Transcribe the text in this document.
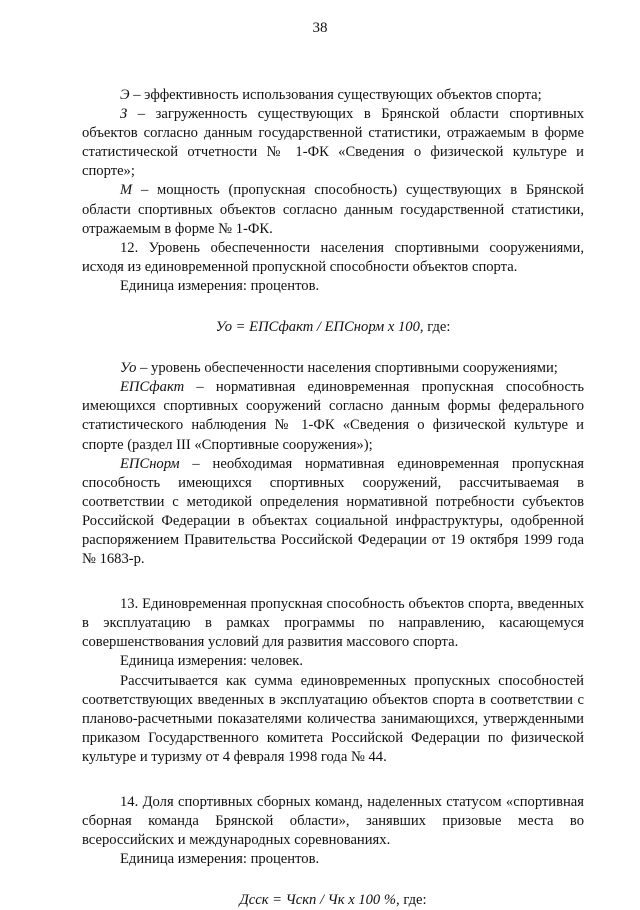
38

Э – эффективность использования существующих объектов спорта;

З – загруженность существующих в Брянской области спортивных объектов согласно данным государственной статистики, отражаемым в форме статистической отчетности № 1-ФК «Сведения о физической культуре и спорте»;

М – мощность (пропускная способность) существующих в Брянской области спортивных объектов согласно данным государственной статистики, отражаемым в форме № 1-ФК.

12. Уровень обеспеченности населения спортивными сооружениями, исходя из единовременной пропускной способности объектов спорта.

Единица измерения: процентов.

Уо = ЕПСфакт / ЕПСнорм х 100, где:

Уо – уровень обеспеченности населения спортивными сооружениями;

ЕПСфакт – нормативная единовременная пропускная способность имеющихся спортивных сооружений согласно данным формы федерального статистического наблюдения № 1-ФК «Сведения о физической культуре и спорте (раздел III «Спортивные сооружения»);

ЕПСнорм – необходимая нормативная единовременная пропускная способность имеющихся спортивных сооружений, рассчитываемая в соответствии с методикой определения нормативной потребности субъектов Российской Федерации в объектах социальной инфраструктуры, одобренной распоряжением Правительства Российской Федерации от 19 октября 1999 года № 1683-р.

13. Единовременная пропускная способность объектов спорта, введенных в эксплуатацию в рамках программы по направлению, касающемуся совершенствования условий для развития массового спорта.

Единица измерения: человек.

Рассчитывается как сумма единовременных пропускных способностей соответствующих введенных в эксплуатацию объектов спорта в соответствии с планово-расчетными показателями количества занимающихся, утвержденными приказом Государственного комитета Российской Федерации по физической культуре и туризму от 4 февраля 1998 года № 44.

14. Доля спортивных сборных команд, наделенных статусом «спортивная сборная команда Брянской области», занявших призовые места во всероссийских и международных соревнованиях.

Единица измерения: процентов.

Дсск = Чскп / Чк х 100 %, где:
